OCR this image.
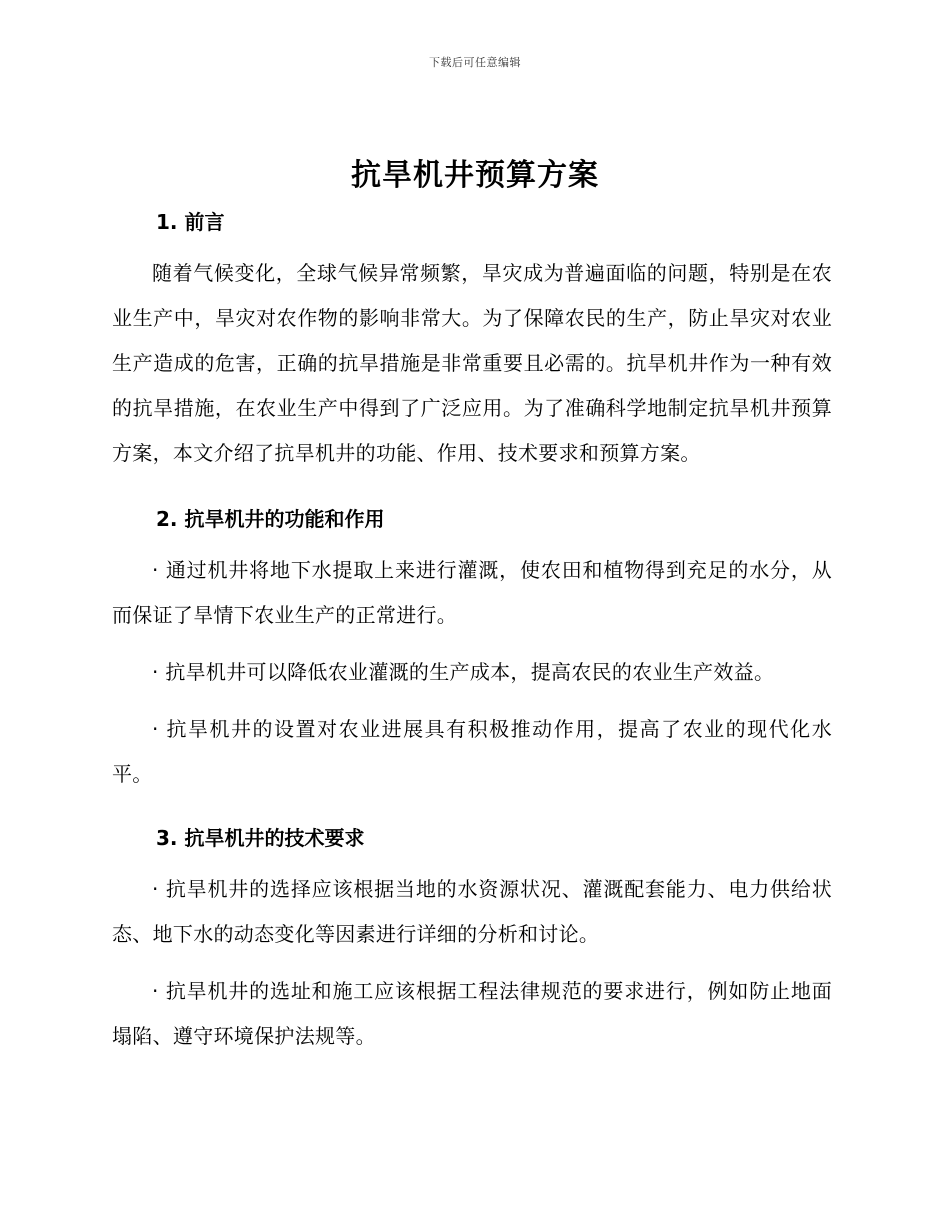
下载后可任意编辑
抗旱机井预算方案

1. 前言

随着气候变化，全球气候异常频繁，旱灾成为普遍面临的问题，特别是在农业生产中，旱灾对农作物的影响非常大。为了保障农民的生产，防止旱灾对农业生产造成的危害，正确的抗旱措施是非常重要且必需的。抗旱机井作为一种有效的抗旱措施，在农业生产中得到了广泛应用。为了准确科学地制定抗旱机井预算方案，本文介绍了抗旱机井的功能、作用、技术要求和预算方案。

2. 抗旱机井的功能和作用

· 通过机井将地下水提取上来进行灌溉，使农田和植物得到充足的水分，从而保证了旱情下农业生产的正常进行。

· 抗旱机井可以降低农业灌溉的生产成本，提高农民的农业生产效益。

· 抗旱机井的设置对农业进展具有积极推动作用，提高了农业的现代化水平。

3. 抗旱机井的技术要求

· 抗旱机井的选择应该根据当地的水资源状况、灌溉配套能力、电力供给状态、地下水的动态变化等因素进行详细的分析和讨论。

· 抗旱机井的选址和施工应该根据工程法律规范的要求进行，例如防止地面塌陷、遵守环境保护法规等。
